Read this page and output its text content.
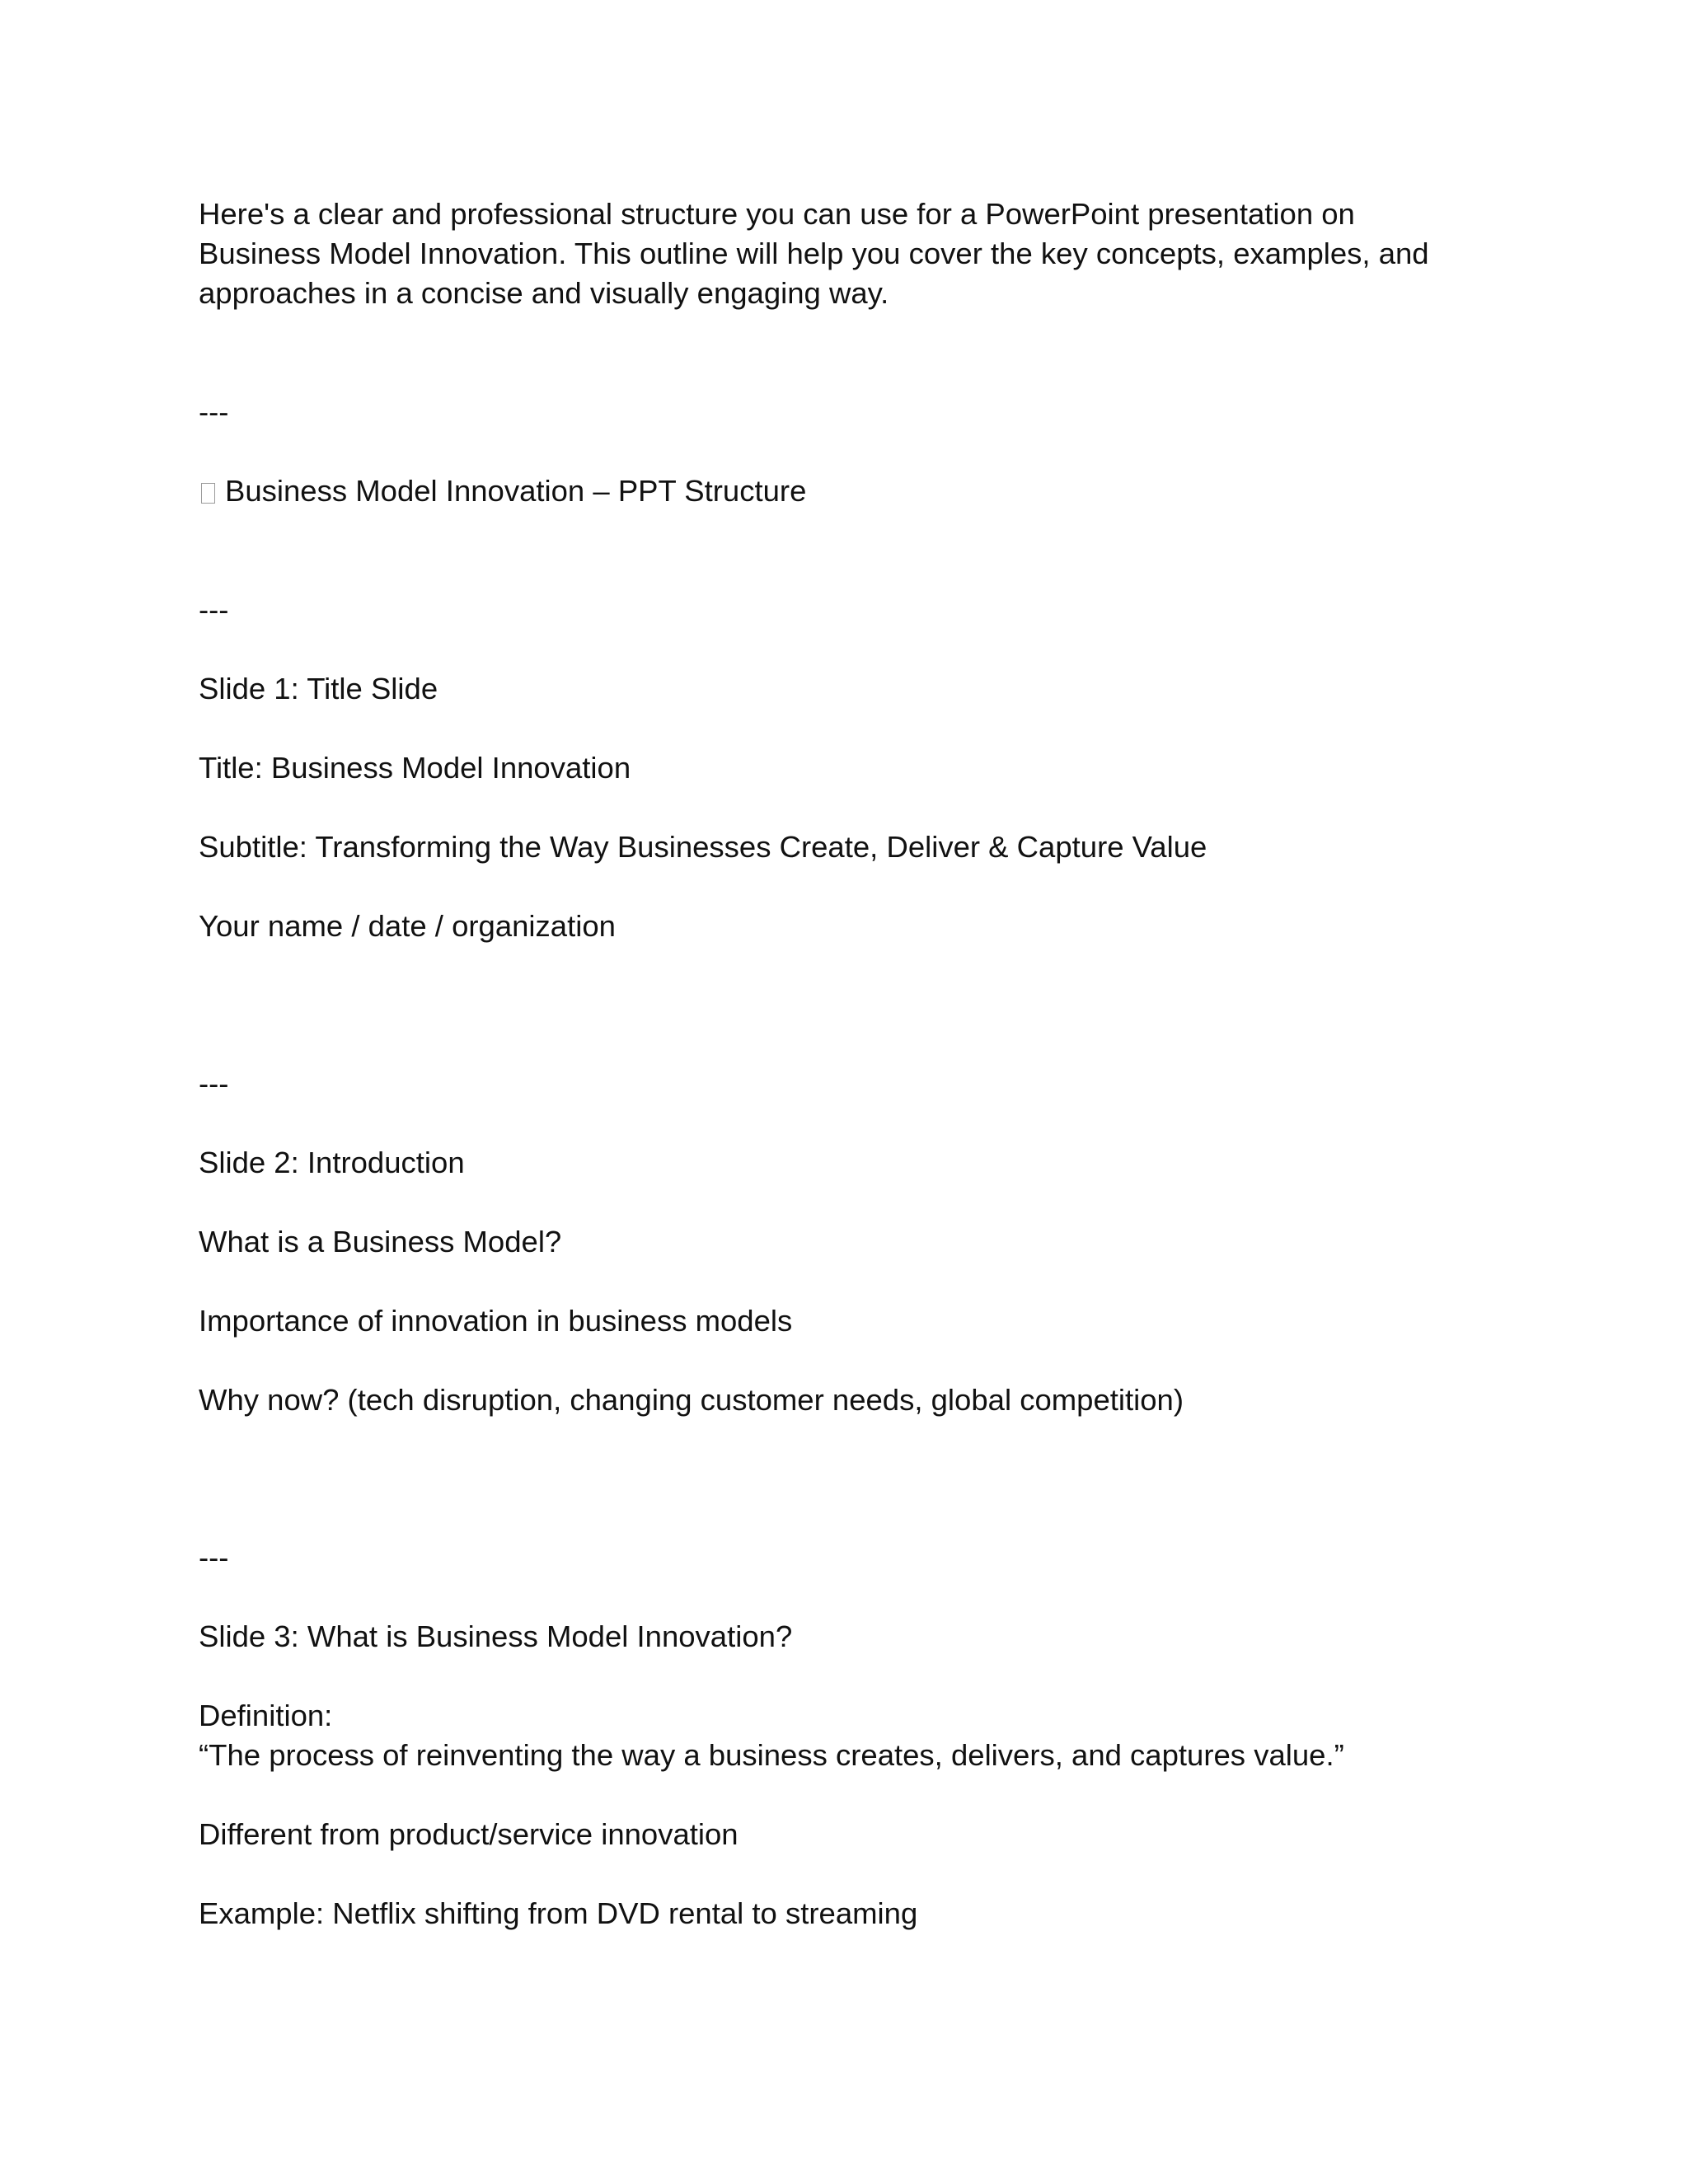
Here's a clear and professional structure you can use for a PowerPoint presentation on

Business Model Innovation. This outline will help you cover the key concepts, examples, and

approaches in a concise and visually engaging way.

---

Business Model Innovation – PPT Structure

---

Slide 1: Title Slide

Title: Business Model Innovation

Subtitle: Transforming the Way Businesses Create, Deliver & Capture Value

Your name / date / organization

---

Slide 2: Introduction

What is a Business Model?

Importance of innovation in business models

Why now? (tech disruption, changing customer needs, global competition)

---

Slide 3: What is Business Model Innovation?

Definition:

“The process of reinventing the way a business creates, delivers, and captures value.”

Different from product/service innovation

Example: Netflix shifting from DVD rental to streaming
